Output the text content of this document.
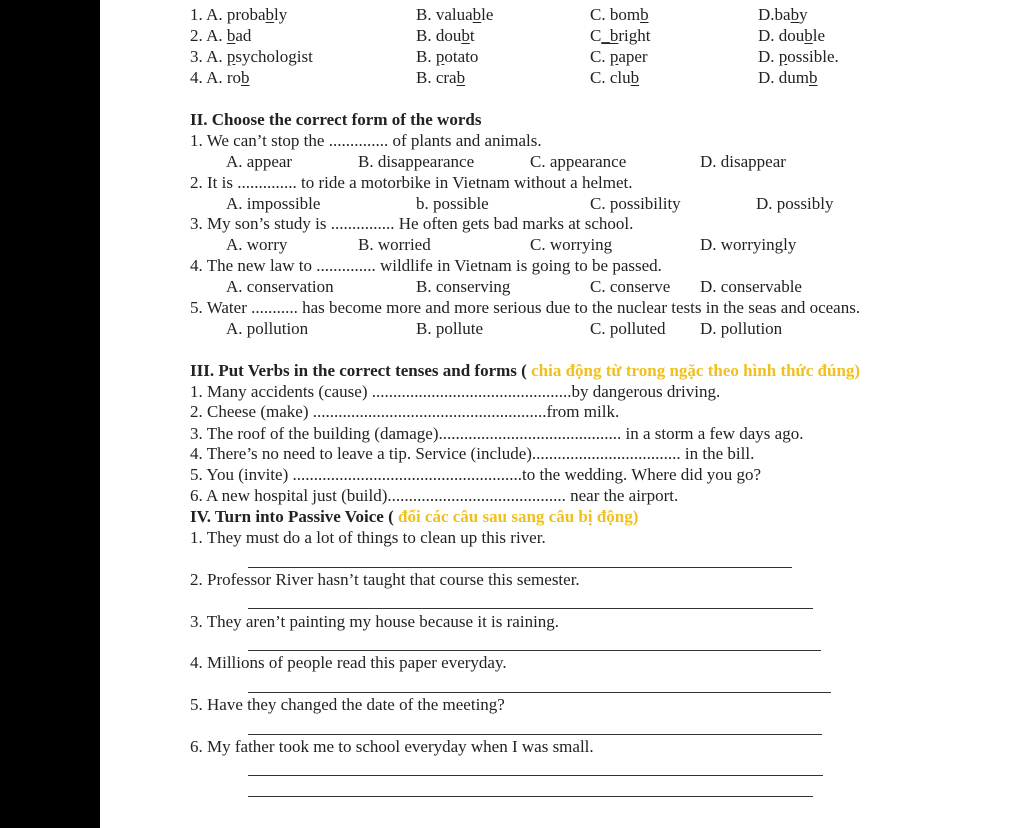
1. A. probably	B. valuable	C. bomb	D.baby
2. A. bad	B. doubt	C_bright	D. double
3. A. psychologist	B. potato	C. paper	D. possible.
4. A. rob	B. crab	C. club	D. dumb
II. Choose the correct form of the words
1. We can’t stop the .............. of plants and animals.
A. appear	B. disappearance	C. appearance	D. disappear
2. It is .............. to ride a motorbike in Vietnam without a helmet.
A. impossible	b. possible	C. possibility	D. possibly
3. My son’s study is ............... He often gets bad marks at school.
A. worry	B. worried	C. worrying	D. worryingly
4. The new law to .............. wildlife in Vietnam is going to be passed.
A. conservation	B. conserving	C. conserve D. conservable
5. Water ........... has become more and more serious due to the nuclear tests in the seas and oceans.
A. pollution	B. pollute	C. polluted D. pollution
III. Put Verbs in the correct tenses and forms ( chia động từ trong ngặc theo hình thức đúng)
1. Many accidents (cause) ...............................................by dangerous driving.
2. Cheese (make) .......................................................from milk.
3. The roof of the building (damage)........................................... in a storm a few days ago.
4. There’s no need to leave a tip. Service (include)................................... in the bill.
5. You (invite) ......................................................to the wedding. Where did you go?
6. A new hospital just (build).......................................... near the airport.
IV. Turn into Passive Voice ( đổi các câu sau sang câu bị động)
1. They must do a lot of things to clean up this river.
2. Professor River hasn’t taught that course this semester.
3. They aren’t painting my house because it is raining.
4. Millions of people read this paper everyday.
5. Have they changed the date of the meeting?
6. My father took me to school everyday when I was small.
